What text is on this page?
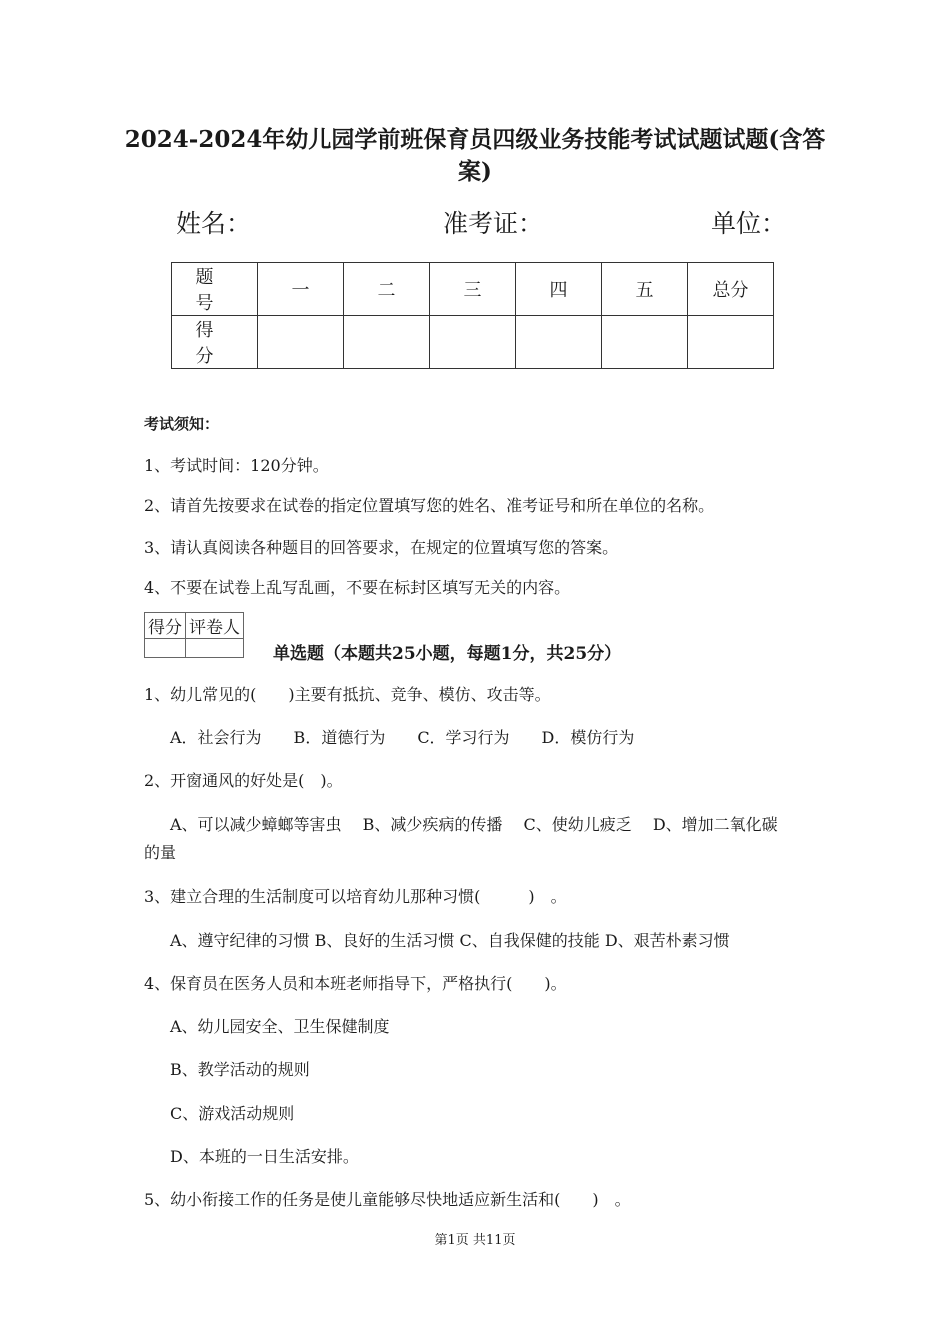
2024-2024年幼儿园学前班保育员四级业务技能考试试题试题(含答
案)
姓名：	准考证：	单位：
题 号	一	二	三	四	五	总分
得 分						
考试须知：
1、考试时间：120分钟。
2、请首先按要求在试卷的指定位置填写您的姓名、准考证号和所在单位的名称。
3、请认真阅读各种题目的回答要求，在规定的位置填写您的答案。
4、不要在试卷上乱写乱画，不要在标封区填写无关的内容。
得分	评卷人

单选题（本题共25小题，每题1分，共25分）
1、幼儿常见的(　　)主要有抵抗、竞争、模仿、攻击等。
A．社会行为　　B．道德行为　　C．学习行为　　D．模仿行为
2、开窗通风的好处是(　)。
A、可以减少蟑螂等害虫　 B、减少疾病的传播　 C、使幼儿疲乏　 D、增加二氧化碳
的量
3、建立合理的生活制度可以培育幼儿那种习惯(　　　)　。
A、遵守纪律的习惯 B、良好的生活习惯 C、自我保健的技能 D、艰苦朴素习惯
4、保育员在医务人员和本班老师指导下，严格执行(　　)。
A、幼儿园安全、卫生保健制度
B、教学活动的规则
C、游戏活动规则
D、本班的一日生活安排。
5、幼小衔接工作的任务是使儿童能够尽快地适应新生活和(　　)　。
第1页 共11页
